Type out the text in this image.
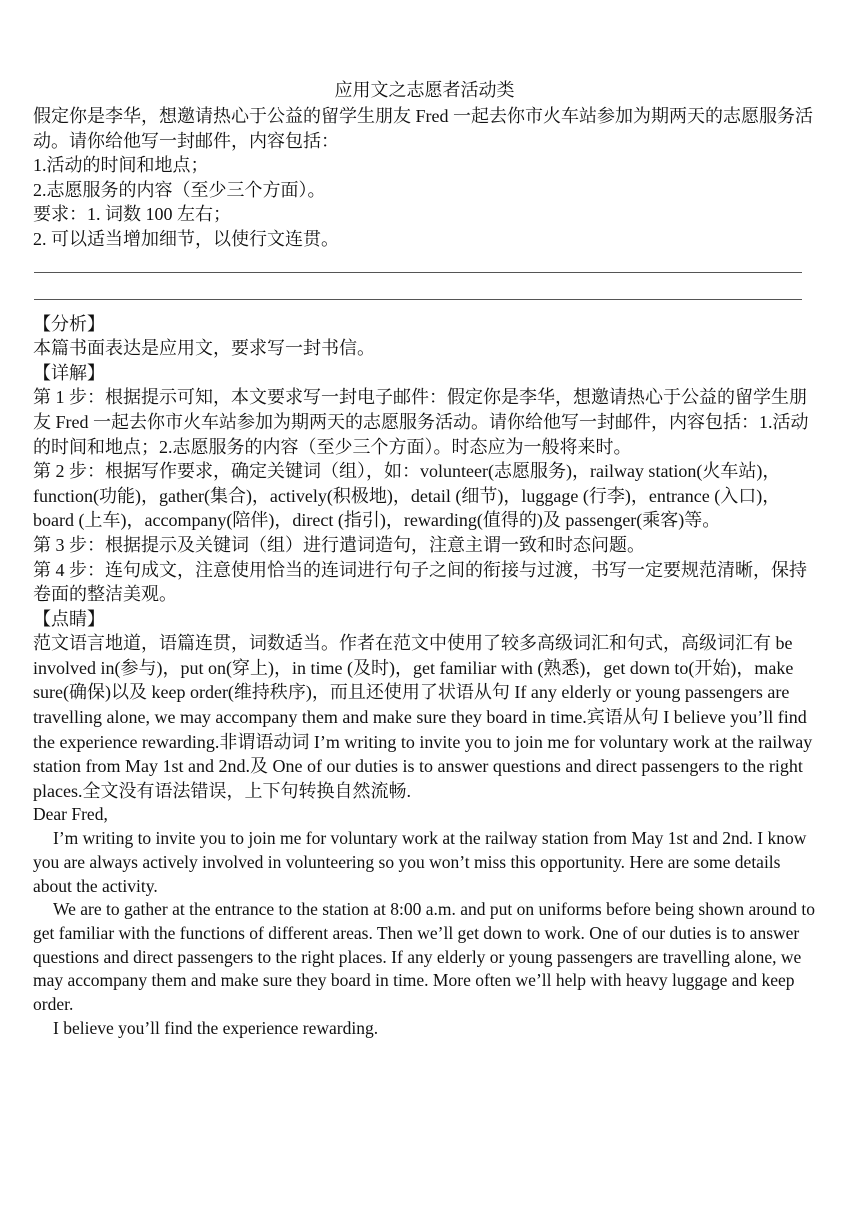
应用文之志愿者活动类

假定你是李华，想邀请热心于公益的留学生朋友 Fred 一起去你市火车站参加为期两天的志愿服务活动。请你给他写一封邮件，内容包括：

1.活动的时间和地点；

2.志愿服务的内容（至少三个方面）。

要求：1. 词数 100 左右；

2. 可以适当增加细节，以使行文连贯。

【分析】

本篇书面表达是应用文，要求写一封书信。

【详解】

第 1 步：根据提示可知，本文要求写一封电子邮件：假定你是李华，想邀请热心于公益的留学生朋友 Fred 一起去你市火车站参加为期两天的志愿服务活动。请你给他写一封邮件，内容包括：1.活动的时间和地点；2.志愿服务的内容（至少三个方面）。时态应为一般将来时。

第 2 步：根据写作要求，确定关键词（组），如：volunteer(志愿服务)，railway station(火车站)，function(功能)，gather(集合)，actively(积极地)，detail (细节)，luggage (行李)，entrance (入口)，board (上车)，accompany(陪伴)，direct (指引)，rewarding(值得的)及 passenger(乘客)等。

第 3 步：根据提示及关键词（组）进行遣词造句，注意主谓一致和时态问题。

第 4 步：连句成文，注意使用恰当的连词进行句子之间的衔接与过渡，书写一定要规范清晰，保持卷面的整洁美观。

【点睛】

范文语言地道，语篇连贯，词数适当。作者在范文中使用了较多高级词汇和句式，高级词汇有 be involved in(参与)，put on(穿上)，in time (及时)，get familiar with (熟悉)，get down to(开始)，make sure(确保)以及 keep order(维持秩序)，而且还使用了状语从句 If any elderly or young passengers are travelling alone, we may accompany them and make sure they board in time.宾语从句 I believe you’ll find the experience rewarding.非谓语动词 I’m writing to invite you to join me for voluntary work at the railway station from May 1st and 2nd.及 One of our duties is to answer questions and direct passengers to the right places.全文没有语法错误，上下句转换自然流畅.

Dear Fred,

I’m writing to invite you to join me for voluntary work at the railway station from May 1st and 2nd. I know you are always actively involved in volunteering so you won’t miss this opportunity. Here are some details about the activity.

We are to gather at the entrance to the station at 8:00 a.m. and put on uniforms before being shown around to get familiar with the functions of different areas. Then we’ll get down to work. One of our duties is to answer questions and direct passengers to the right places. If any elderly or young passengers are travelling alone, we may accompany them and make sure they board in time. More often we’ll help with heavy luggage and keep order.

I believe you’ll find the experience rewarding.
